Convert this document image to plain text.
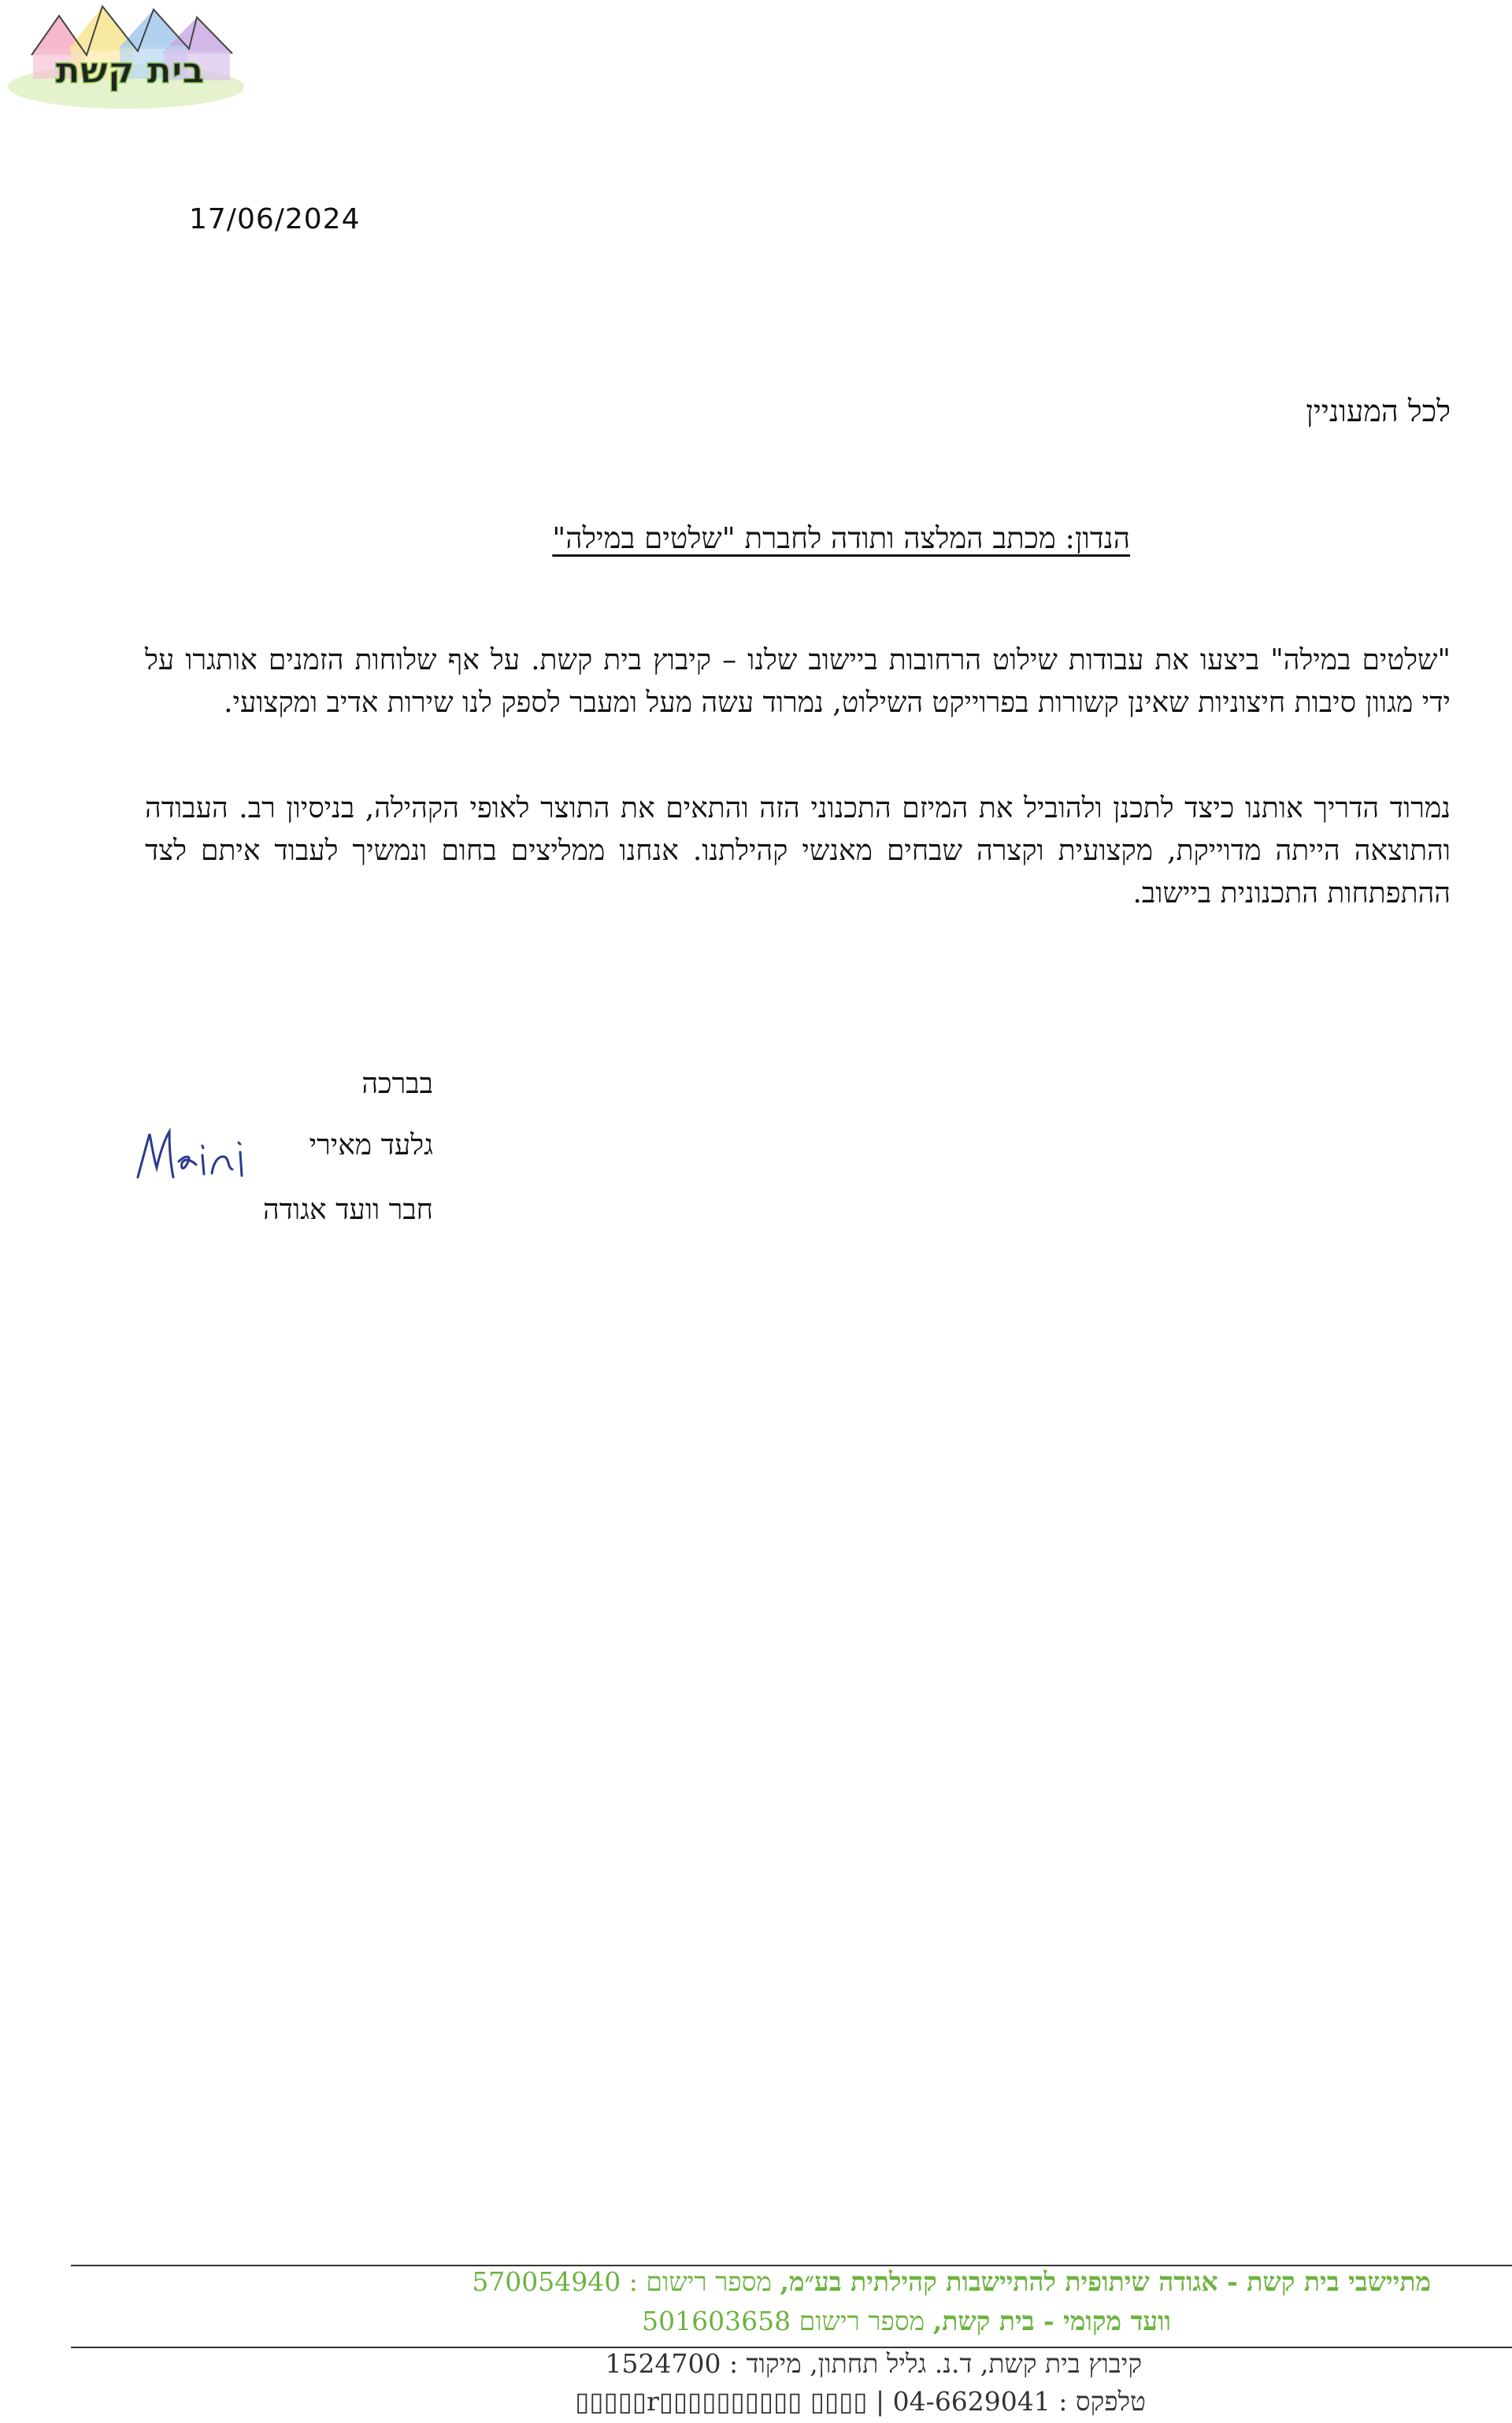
בית קשת
17/06/2024
לכל המעוניין
הנדון: מכתב המלצה ותודה לחברת "שלטים במילה"
"שלטים במילה" ביצעו את עבודות שילוט הרחובות ביישוב שלנו – קיבוץ בית קשת. על אף שלוחות הזמנים אותגרו על ידי מגוון סיבות חיצוניות שאינן קשורות בפרוייקט השילוט, נמרוד עשה מעל ומעבר לספק לנו שירות אדיב ומקצועי.
נמרוד הדריך אותנו כיצד לתכנן ולהוביל את המיזם התכנוני הזה והתאים את התוצר לאופי הקהילה, בניסיון רב. העבודה והתוצאה הייתה מדוייקת, מקצועית וקצרה שבחים מאנשי קהילתנו. אנחנו ממליצים בחום ונמשיך לעבוד איתם לצד ההתפתחות התכנונית ביישוב.
בברכה
גלעד מאירי
חבר וועד אגודה
מתיישבי בית קשת - אגודה שיתופית להתיישבות קהילתית בע״מ, מספר רישום : 570054940
וועד מקומי - בית קשת, מספר רישום 501603658
קיבוץ בית קשת, ד.נ. גליל תחתון, מיקוד : 1524700
טלפקס : 04-6629041 | ▯▯▯▯ ▯▯▯▯▯▯▯▯▯▯r▯▯▯▯▯
